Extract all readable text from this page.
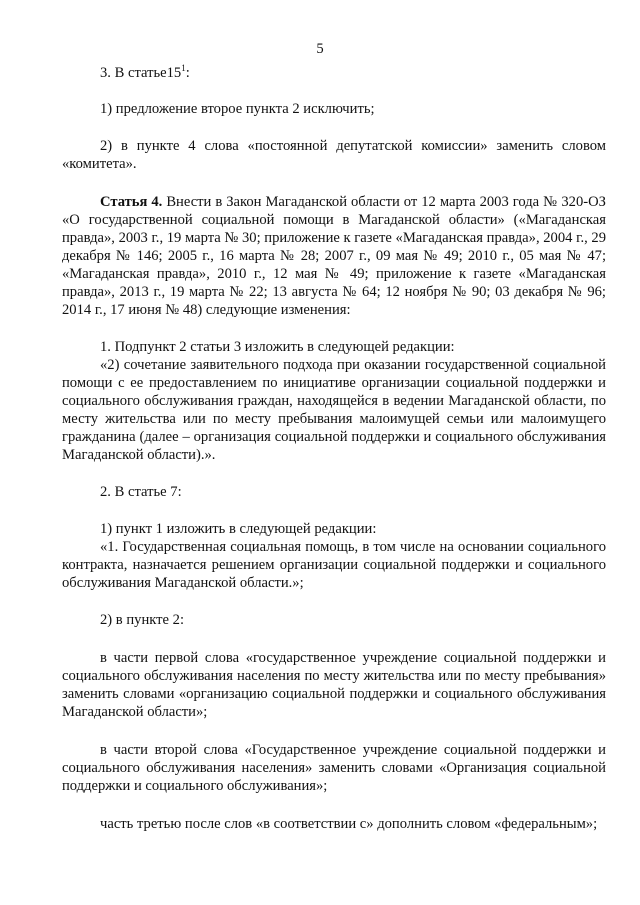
5

3. В $статье15^1$:

1) предложение второе пункта 2 исключить;

2) в пункте 4 слова «постоянной депутатской комиссии» заменить словом «комитета».

Статья 4. Внести в Закон Магаданской области от 12 марта 2003 года № 320-ОЗ «О государственной социальной помощи в Магаданской области» («Магаданская правда», 2003 г., 19 марта № 30; приложение к газете «Магаданская правда», 2004 г., 29 декабря № 146; 2005 г., 16 марта № 28; 2007 г., 09 мая № 49; 2010 г., 05 мая № 47; «Магаданская правда», 2010 г., 12 мая № 49; приложение к газете «Магаданская правда», 2013 г., 19 марта № 22; 13 августа № 64; 12 ноября № 90; 03 декабря № 96; 2014 г., 17 июня № 48) следующие изменения:

1. Подпункт 2 статьи 3 изложить в следующей редакции:

«2) сочетание заявительного подхода при оказании государственной социальной помощи с ее предоставлением по инициативе организации социальной поддержки и социального обслуживания граждан, находящейся в ведении Магаданской области, по месту жительства или по месту пребывания малоимущей семьи или малоимущего гражданина (далее – организация социальной поддержки и социального обслуживания Магаданской области).».

2. В статье 7:

1) пункт 1 изложить в следующей редакции:

«1. Государственная социальная помощь, в том числе на основании социального контракта, назначается решением организации социальной поддержки и социального обслуживания Магаданской области.»;

2) в пункте 2:

в части первой слова «государственное учреждение социальной поддержки и социального обслуживания населения по месту жительства или по месту пребывания» заменить словами «организацию социальной поддержки и социального обслуживания Магаданской области»;

в части второй слова «Государственное учреждение социальной поддержки и социального обслуживания населения» заменить словами «Организация социальной поддержки и социального обслуживания»;

часть третью после слов «в соответствии с» дополнить словом «федеральным»;
